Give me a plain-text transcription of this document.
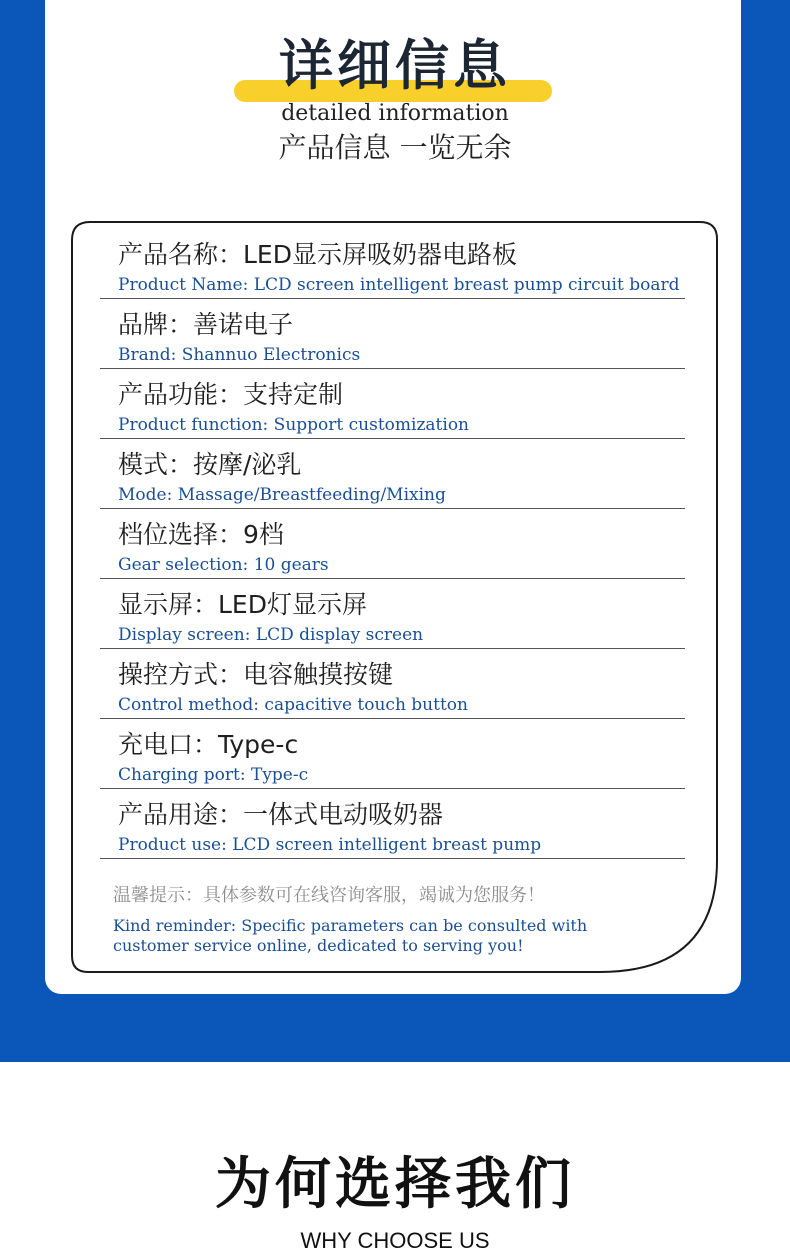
详细信息
detailed information
产品信息 一览无余
产品名称：LED显示屏吸奶器电路板
Product Name: LCD screen intelligent breast pump circuit board
品牌：善诺电子
Brand: Shannuo Electronics
产品功能：支持定制
Product function: Support customization
模式：按摩/泌乳
Mode: Massage/Breastfeeding/Mixing
档位选择：9档
Gear selection: 10 gears
显示屏：LED灯显示屏
Display screen: LCD display screen
操控方式：电容触摸按键
Control method: capacitive touch button
充电口：Type-c
Charging port: Type-c
产品用途：一体式电动吸奶器
Product use: LCD screen intelligent breast pump
温馨提示：具体参数可在线咨询客服，竭诚为您服务！
Kind reminder: Specific parameters can be consulted with customer service online, dedicated to serving you!
为何选择我们
WHY CHOOSE US
